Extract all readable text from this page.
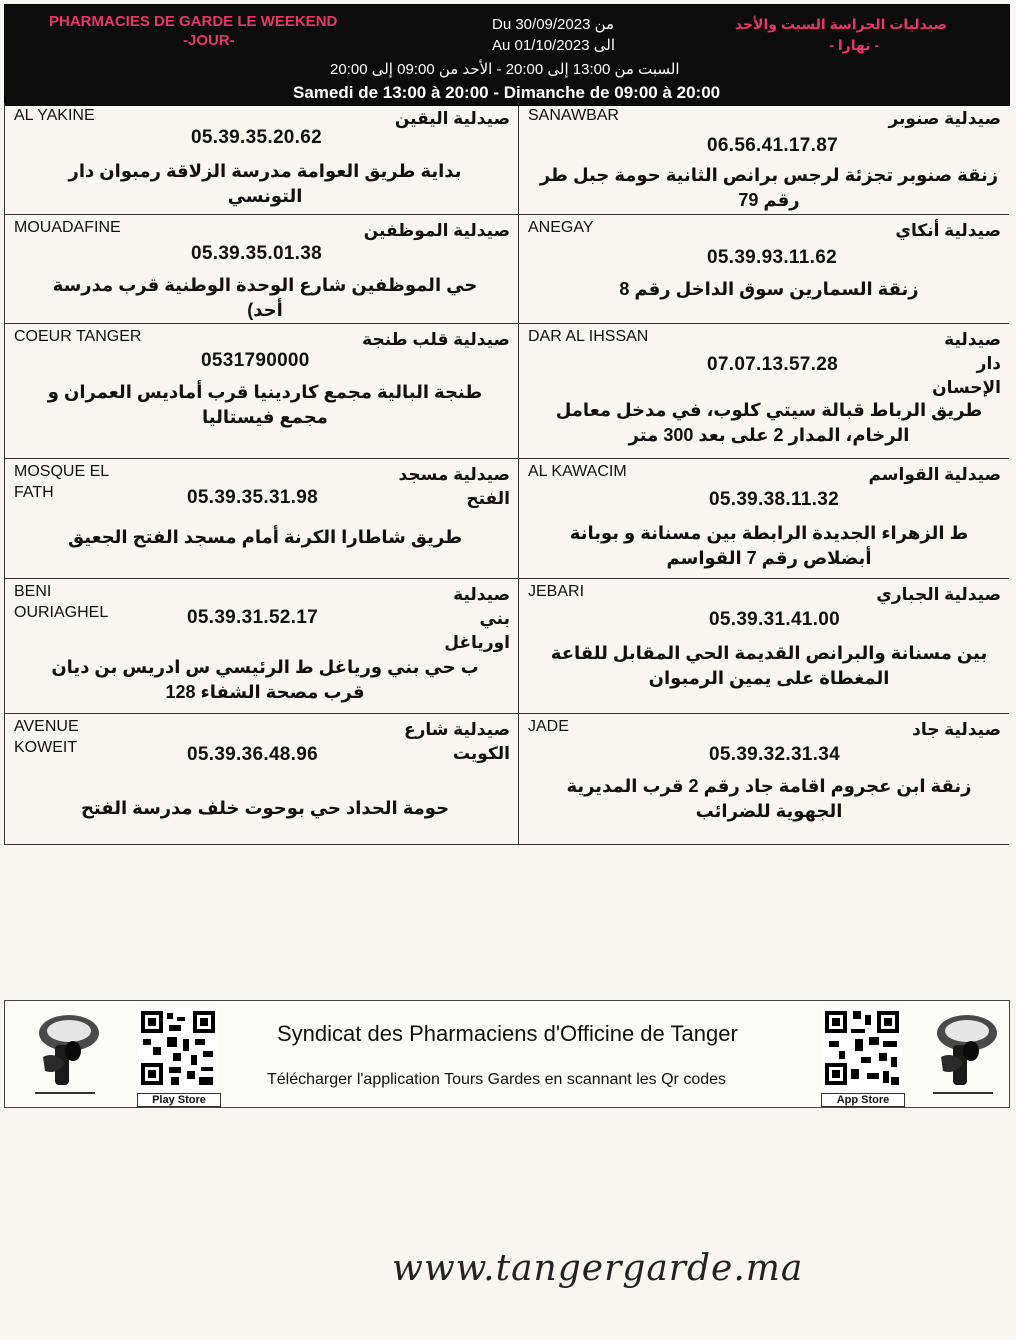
PHARMACIES DE GARDE LE WEEKEND
-JOUR-
Du 30/09/2023 من
Au 01/10/2023 الى
صيدليات الحراسة السبت والأحد
- نهارا -
السبت من 13:00 إلى 20:00 - الأحد من 09:00 إلى 20:00
Samedi de 13:00 à 20:00 - Dimanche de 09:00 à 20:00
AL YAKINE	صيدلية اليقين
05.39.35.20.62
بداية طريق العوامة مدرسة الزلاقة رمبوان دار التونسي
SANAWBAR	صيدلية صنوبر
06.56.41.17.87
زنقة صنوبر تجزئة لرجس برانص الثانية حومة جبل طر رقم 79
MOUADAFINE	صيدلية الموظفين
05.39.35.01.38
حي الموظفين شارع الوحدة الوطنية قرب مدرسة أحد)
ANEGAY	صيدلية أنكاي
05.39.93.11.62
زنقة السمارين سوق الداخل رقم 8
COEUR TANGER	صيدلية قلب طنجة
0531790000
طنجة البالية مجمع كاردينيا قرب أماديس العمران و مجمع فيستاليا
DAR AL IHSSAN	صيدلية دار الإحسان
07.07.13.57.28
طريق الرباط قبالة سيتي كلوب، في مدخل معامل الرخام، المدار 2 على بعد 300 متر
MOSQUE EL FATH
صيدلية مسجد الفتح
05.39.35.31.98
طريق شاطارا الكرنة أمام مسجد الفتح الجعيق
AL KAWACIM	صيدلية القواسم
05.39.38.11.32
ط الزهراء الجديدة الرابطة بين مسنانة و بوبانة أبضلاص رقم 7 القواسم
BENI OURIAGHEL
صيدلية بني اورياغل
05.39.31.52.17
ب حي بني ورياغل ط الرئيسي س ادريس بن ديان قرب مصحة الشفاء 128
JEBARI	صيدلية الجباري
05.39.31.41.00
بين مسنانة والبرانص القديمة الحي المقابل للقاعة المغطاة على يمين الرمبوان
AVENUE KOWEIT
صيدلية شارع الكويت
05.39.36.48.96
حومة الحداد حي بوحوت خلف مدرسة الفتح
JADE	صيدلية جاد
05.39.32.31.34
زنقة ابن عجروم اقامة جاد رقم 2 قرب المديرية الجهوية للضرائب
Play Store
Syndicat des Pharmaciens d'Officine de Tanger
Télécharger l'application Tours Gardes en scannant les Qr codes
App Store
www.tangergarde.ma
